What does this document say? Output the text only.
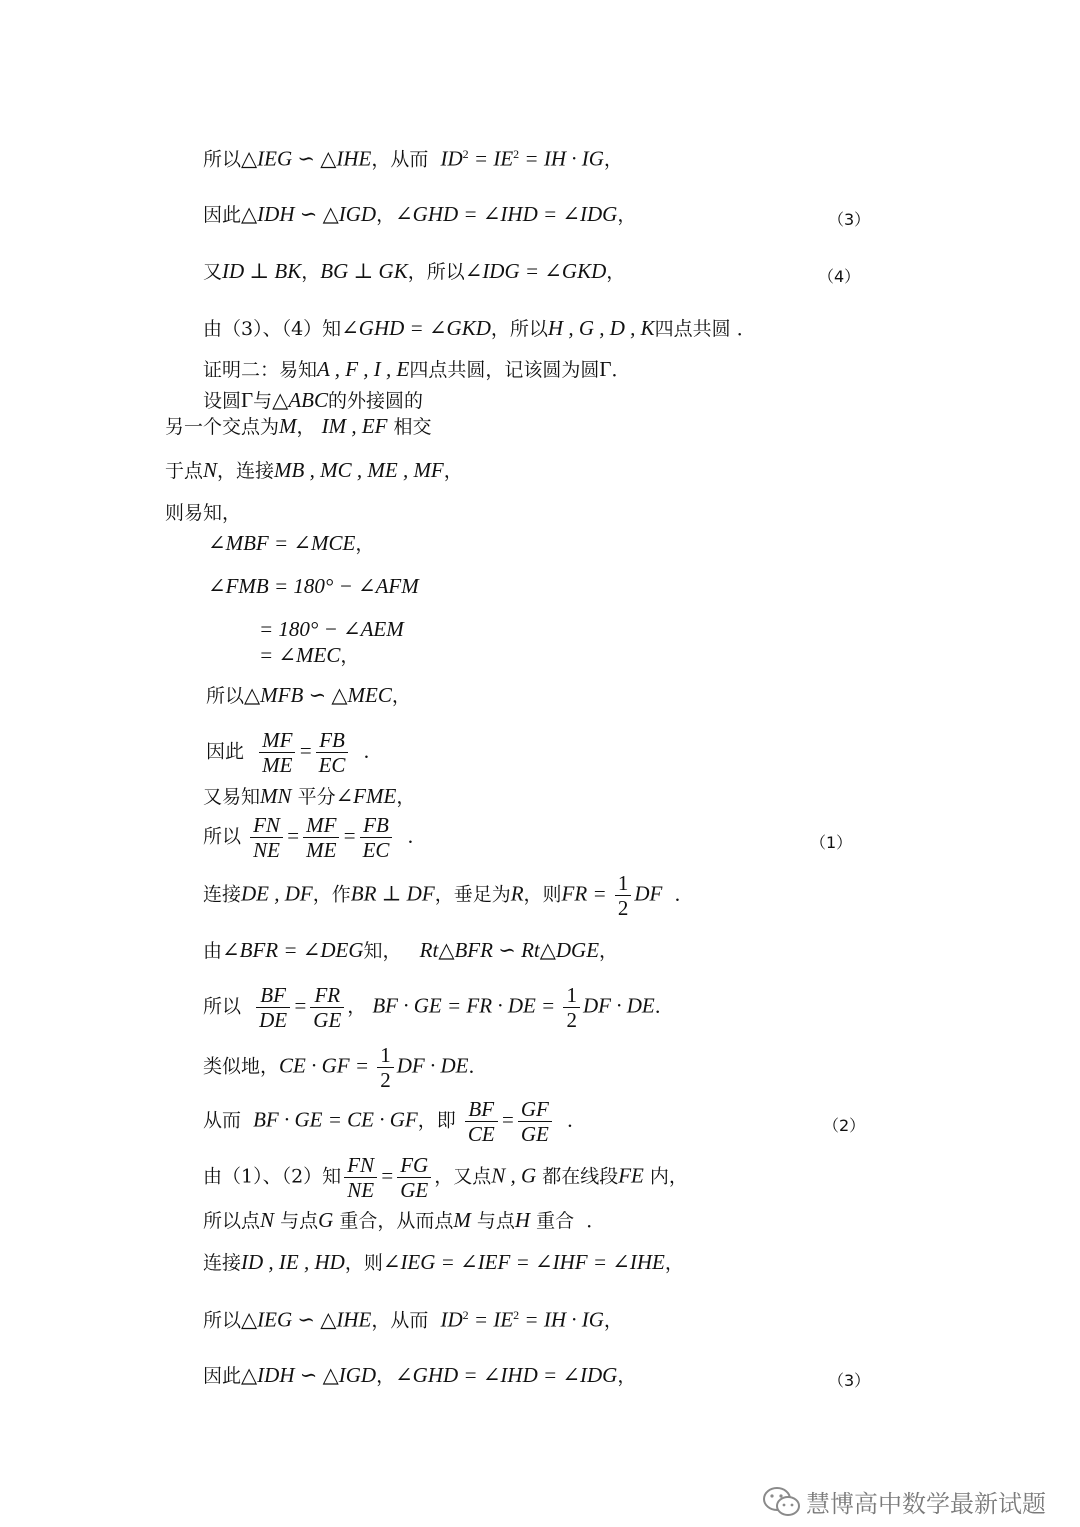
所以△IEG ∽ △IHE，从而 $ID^2 = IE^2$ = IH · IG，
因此△IDH ∽ △IGD，∠GHD = ∠IHD = ∠IDG，	（3）
又ID ⊥ BK，BG ⊥ GK，所以∠IDG = ∠GKD，	（4）
由（3）、（4）知∠GHD = ∠GKD，所以H , G , D , K四点共圆 ．
证明二：易知A , F , I , E四点共圆，记该圆为圆Γ．
设圆Γ与△ABC的外接圆的
另一个交点为M， IM , EF 相交
于点N，连接MB , MC , ME , MF，
则易知，
∠MBF = ∠MCE，
∠FMB = 180° − ∠AFM
= 180° − ∠AEM
= ∠MEC，
所以△MFB ∽ △MEC，
因此 $\frac{MF}{ME} = \frac{FB}{EC}$ ．
又易知MN 平分∠FME，
所以 $\frac{FN}{NE} = \frac{MF}{ME} = \frac{FB}{EC}$ ．	（1）
连接DE , DF，作BR ⊥ DF，垂足为R，则FR = $\frac{1}{2}$ DF ．
由∠BFR = ∠DEG知， Rt△BFR ∽ Rt△DGE，
所以 $\frac{BF}{DE} = \frac{FR}{GE}$ ， BF · GE = FR · DE = $\frac{1}{2}$ DF · DE．
类似地，CE · GF = $\frac{1}{2}$ DF · DE．
从而 BF · GE = CE · GF，即 $\frac{BF}{CE} = \frac{GF}{GE}$ ．	（2）
由（1）、（2）知 $\frac{FN}{NE} = \frac{FG}{GE}$ ，又点N , G 都在线段FE 内，
所以点N 与点G 重合，从而点M 与点H 重合 ．
连接ID , IE , HD，则∠IEG = ∠IEF = ∠IHF = ∠IHE，
所以△IEG ∽ △IHE，从而 $ID^2 = IE^2$ = IH · IG，
因此△IDH ∽ △IGD，∠GHD = ∠IHD = ∠IDG，	（3）
慧博高中数学最新试题
